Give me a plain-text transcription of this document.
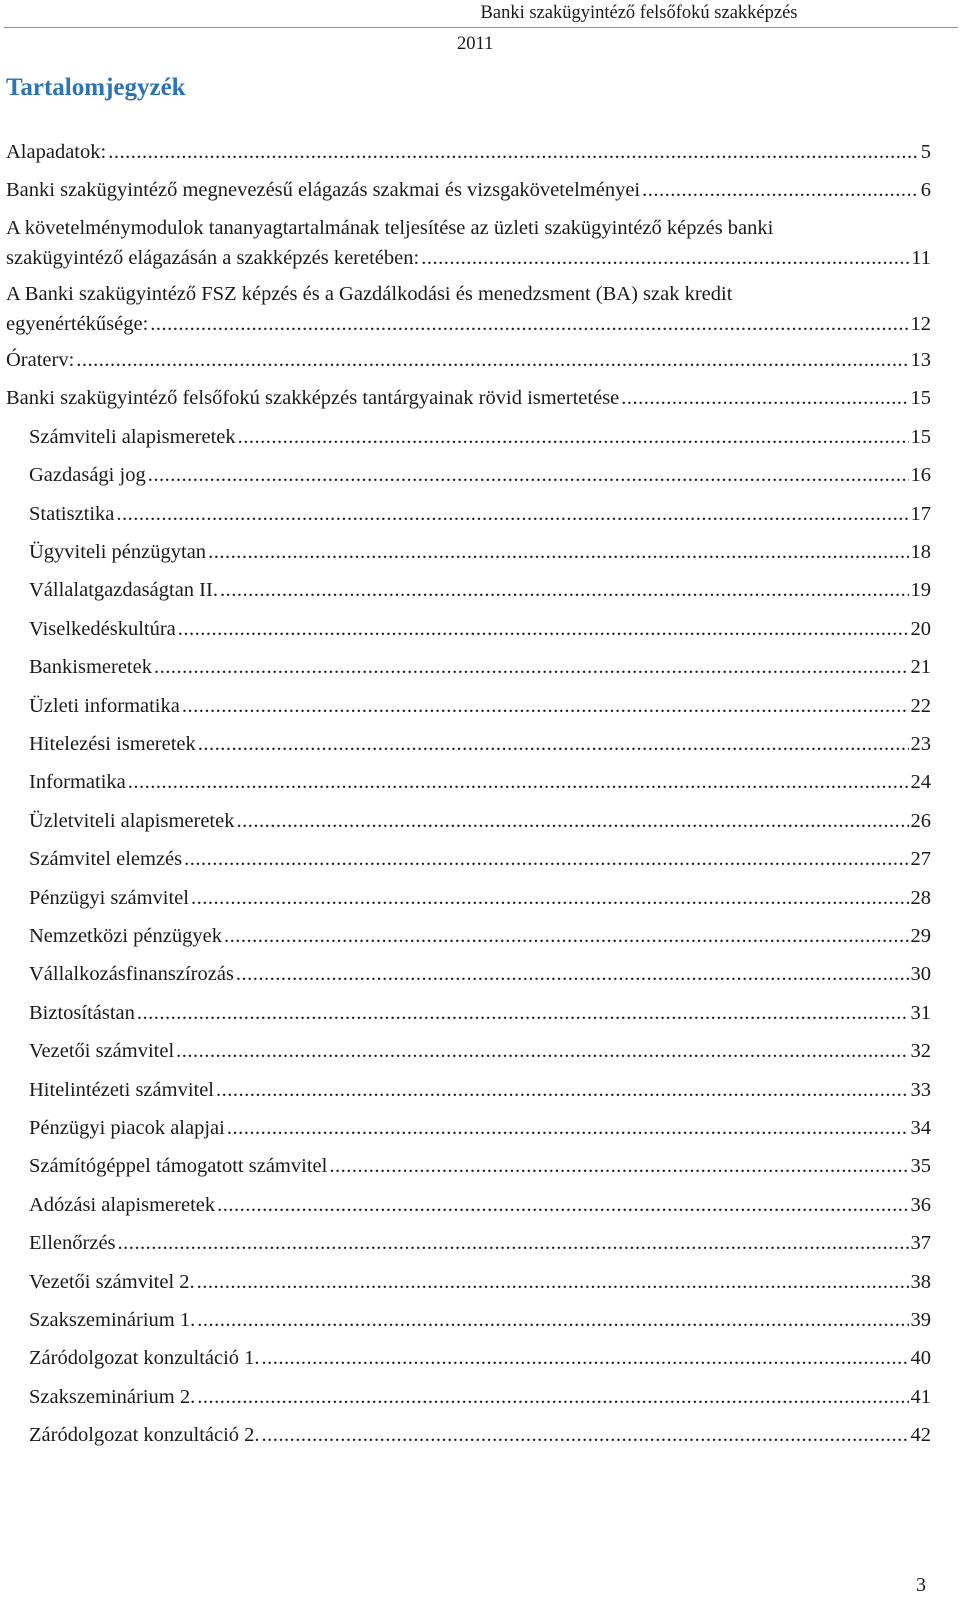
Banki szakügyintéző felsőfokú szakképzés
2011
Tartalomjegyzék
Alapadatok: .....	5
Banki szakügyintéző megnevezésű elágazás szakmai és vizsgakövetelményei .....	6
A követelménymodulok tananyagtartalmának teljesítése az üzleti szakügyintéző képzés banki
szakügyintéző elágazásán a szakképzés keretében: .....	11
A Banki szakügyintéző FSZ képzés és a Gazdálkodási és menedzsment (BA) szak kredit
egyenértékűsége: .....	12
Óraterv: .....	13
Banki szakügyintéző felsőfokú szakképzés tantárgyainak rövid ismertetése .....	15
Számviteli alapismeretek .....	15
Gazdasági jog .....	16
Statisztika .....	17
Ügyviteli pénzügytan .....	18
Vállalatgazdaságtan II. .....	19
Viselkedéskultúra .....	20
Bankismeretek .....	21
Üzleti informatika .....	22
Hitelezési ismeretek .....	23
Informatika .....	24
Üzletviteli alapismeretek .....	26
Számvitel elemzés .....	27
Pénzügyi számvitel .....	28
Nemzetközi pénzügyek .....	29
Vállalkozásfinanszírozás .....	30
Biztosítástan .....	31
Vezetői számvitel .....	32
Hitelintézeti számvitel .....	33
Pénzügyi piacok alapjai .....	34
Számítógéppel támogatott számvitel .....	35
Adózási alapismeretek .....	36
Ellenőrzés .....	37
Vezetői számvitel 2. .....	38
Szakszeminárium 1. .....	39
Záródolgozat konzultáció 1. .....	40
Szakszeminárium 2. .....	41
Záródolgozat konzultáció 2. .....	42
3
